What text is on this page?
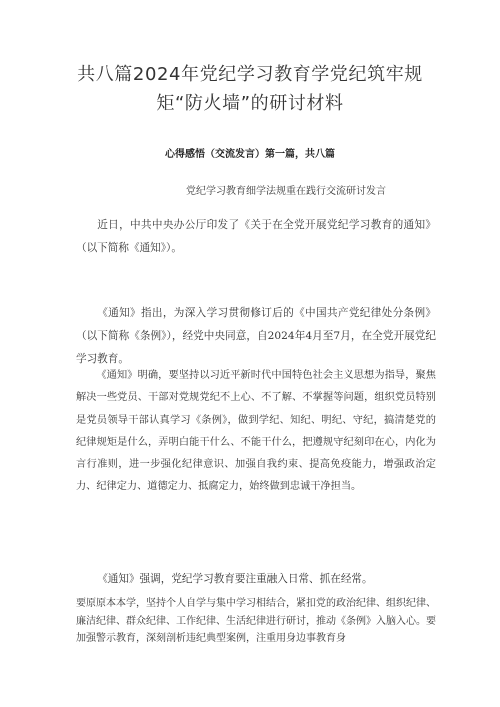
共八篇2024年党纪学习教育学党纪筑牢规矩“防火墙”的研讨材料
心得感悟（交流发言）第一篇，共八篇
党纪学习教育细学法规重在践行交流研讨发言

近日，中共中央办公厅印发了《关于在全党开展党纪学习教育的通知》（以下简称《通知》）。

《通知》指出，为深入学习贯彻修订后的《中国共产党纪律处分条例》（以下简称《条例》），经党中央同意，自2024年4月至7月，在全党开展党纪学习教育。

《通知》明确，要坚持以习近平新时代中国特色社会主义思想为指导，聚焦解决一些党员、干部对党规党纪不上心、不了解、不掌握等问题，组织党员特别是党员领导干部认真学习《条例》，做到学纪、知纪、明纪、守纪，搞清楚党的纪律规矩是什么，弄明白能干什么、不能干什么，把遵规守纪刻印在心，内化为言行准则，进一步强化纪律意识、加强自我约束、提高免疫能力，增强政治定力、纪律定力、道德定力、抵腐定力，始终做到忠诚干净担当。

《通知》强调，党纪学习教育要注重融入日常、抓在经常。

要原原本本学，坚持个人自学与集中学习相结合，紧扣党的政治纪律、组织纪律、廉洁纪律、群众纪律、工作纪律、生活纪律进行研讨，推动《条例》入脑入心。要加强警示教育，深刻剖析违纪典型案例，注重用身边事教育身
